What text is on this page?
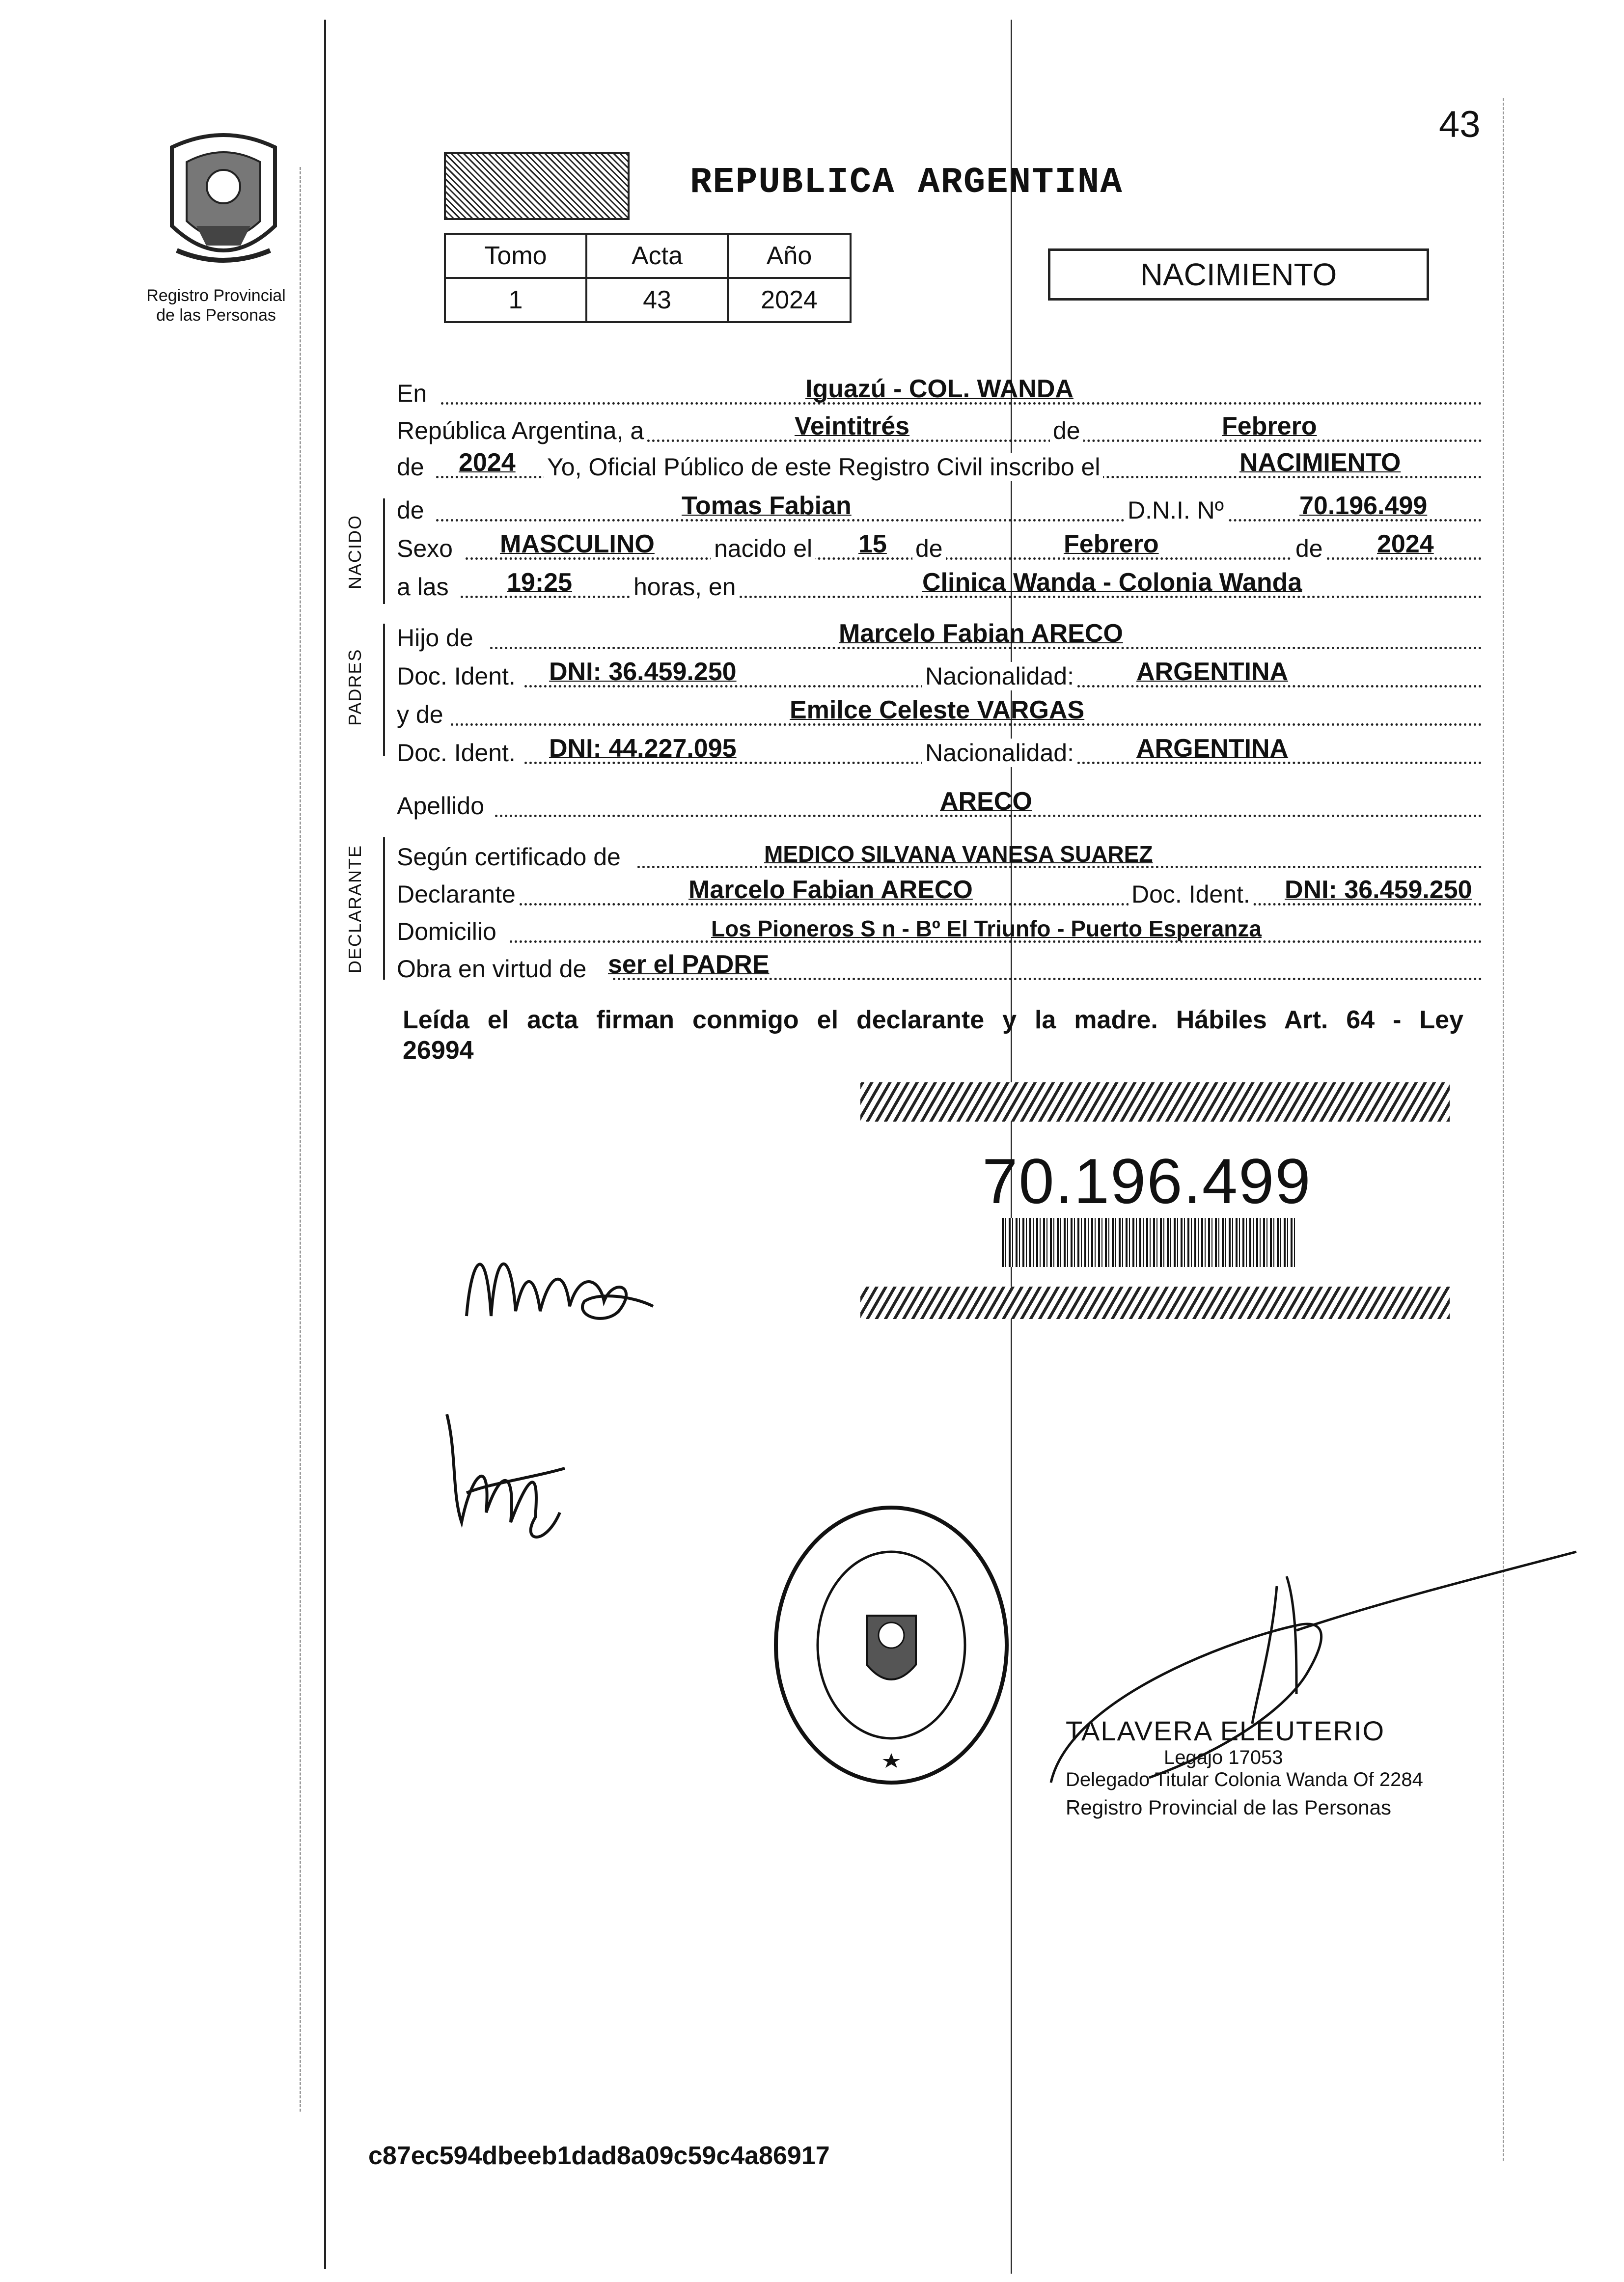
43
Registro Provincial
de las Personas
REPUBLICA ARGENTINA
Tomo	Acta	Año
1	43	2024
NACIMIENTO
NACIDO
PADRES
DECLARANTE
En	Iguazú - COL. WANDA
República Argentina, a	Veintitrés	de	Febrero
de 2024 Yo, Oficial Público de este Registro Civil inscribo el	NACIMIENTO
de	Tomas Fabian	D.N.I. Nº	70.196.499
Sexo MASCULINO nacido el 15 de	Febrero	de 2024
a las 19:25	horas, en	Clinica Wanda - Colonia Wanda
Hijo de	Marcelo Fabian ARECO
Doc. Ident. DNI: 36.459.250	Nacionalidad: ARGENTINA
y de	Emilce Celeste VARGAS
Doc. Ident. DNI: 44.227.095	Nacionalidad: ARGENTINA
Apellido	ARECO
Según certificado de	MEDICO SILVANA VANESA SUAREZ
Declarante	Marcelo Fabian ARECO	Doc. Ident. DNI: 36.459.250
Domicilio	Los Pioneros S n - Bº El Triunfo - Puerto Esperanza
Obra en virtud de ser el PADRE
Leída el acta firman conmigo el declarante y la madre. Hábiles Art. 64 - Ley
26994
70.196.499
TALAVERA ELEUTERIO
Legajo 17053
Delegado Titular Colonia Wanda Of 2284
Registro Provincial de las Personas
c87ec594dbeeb1dad8a09c59c4a86917
